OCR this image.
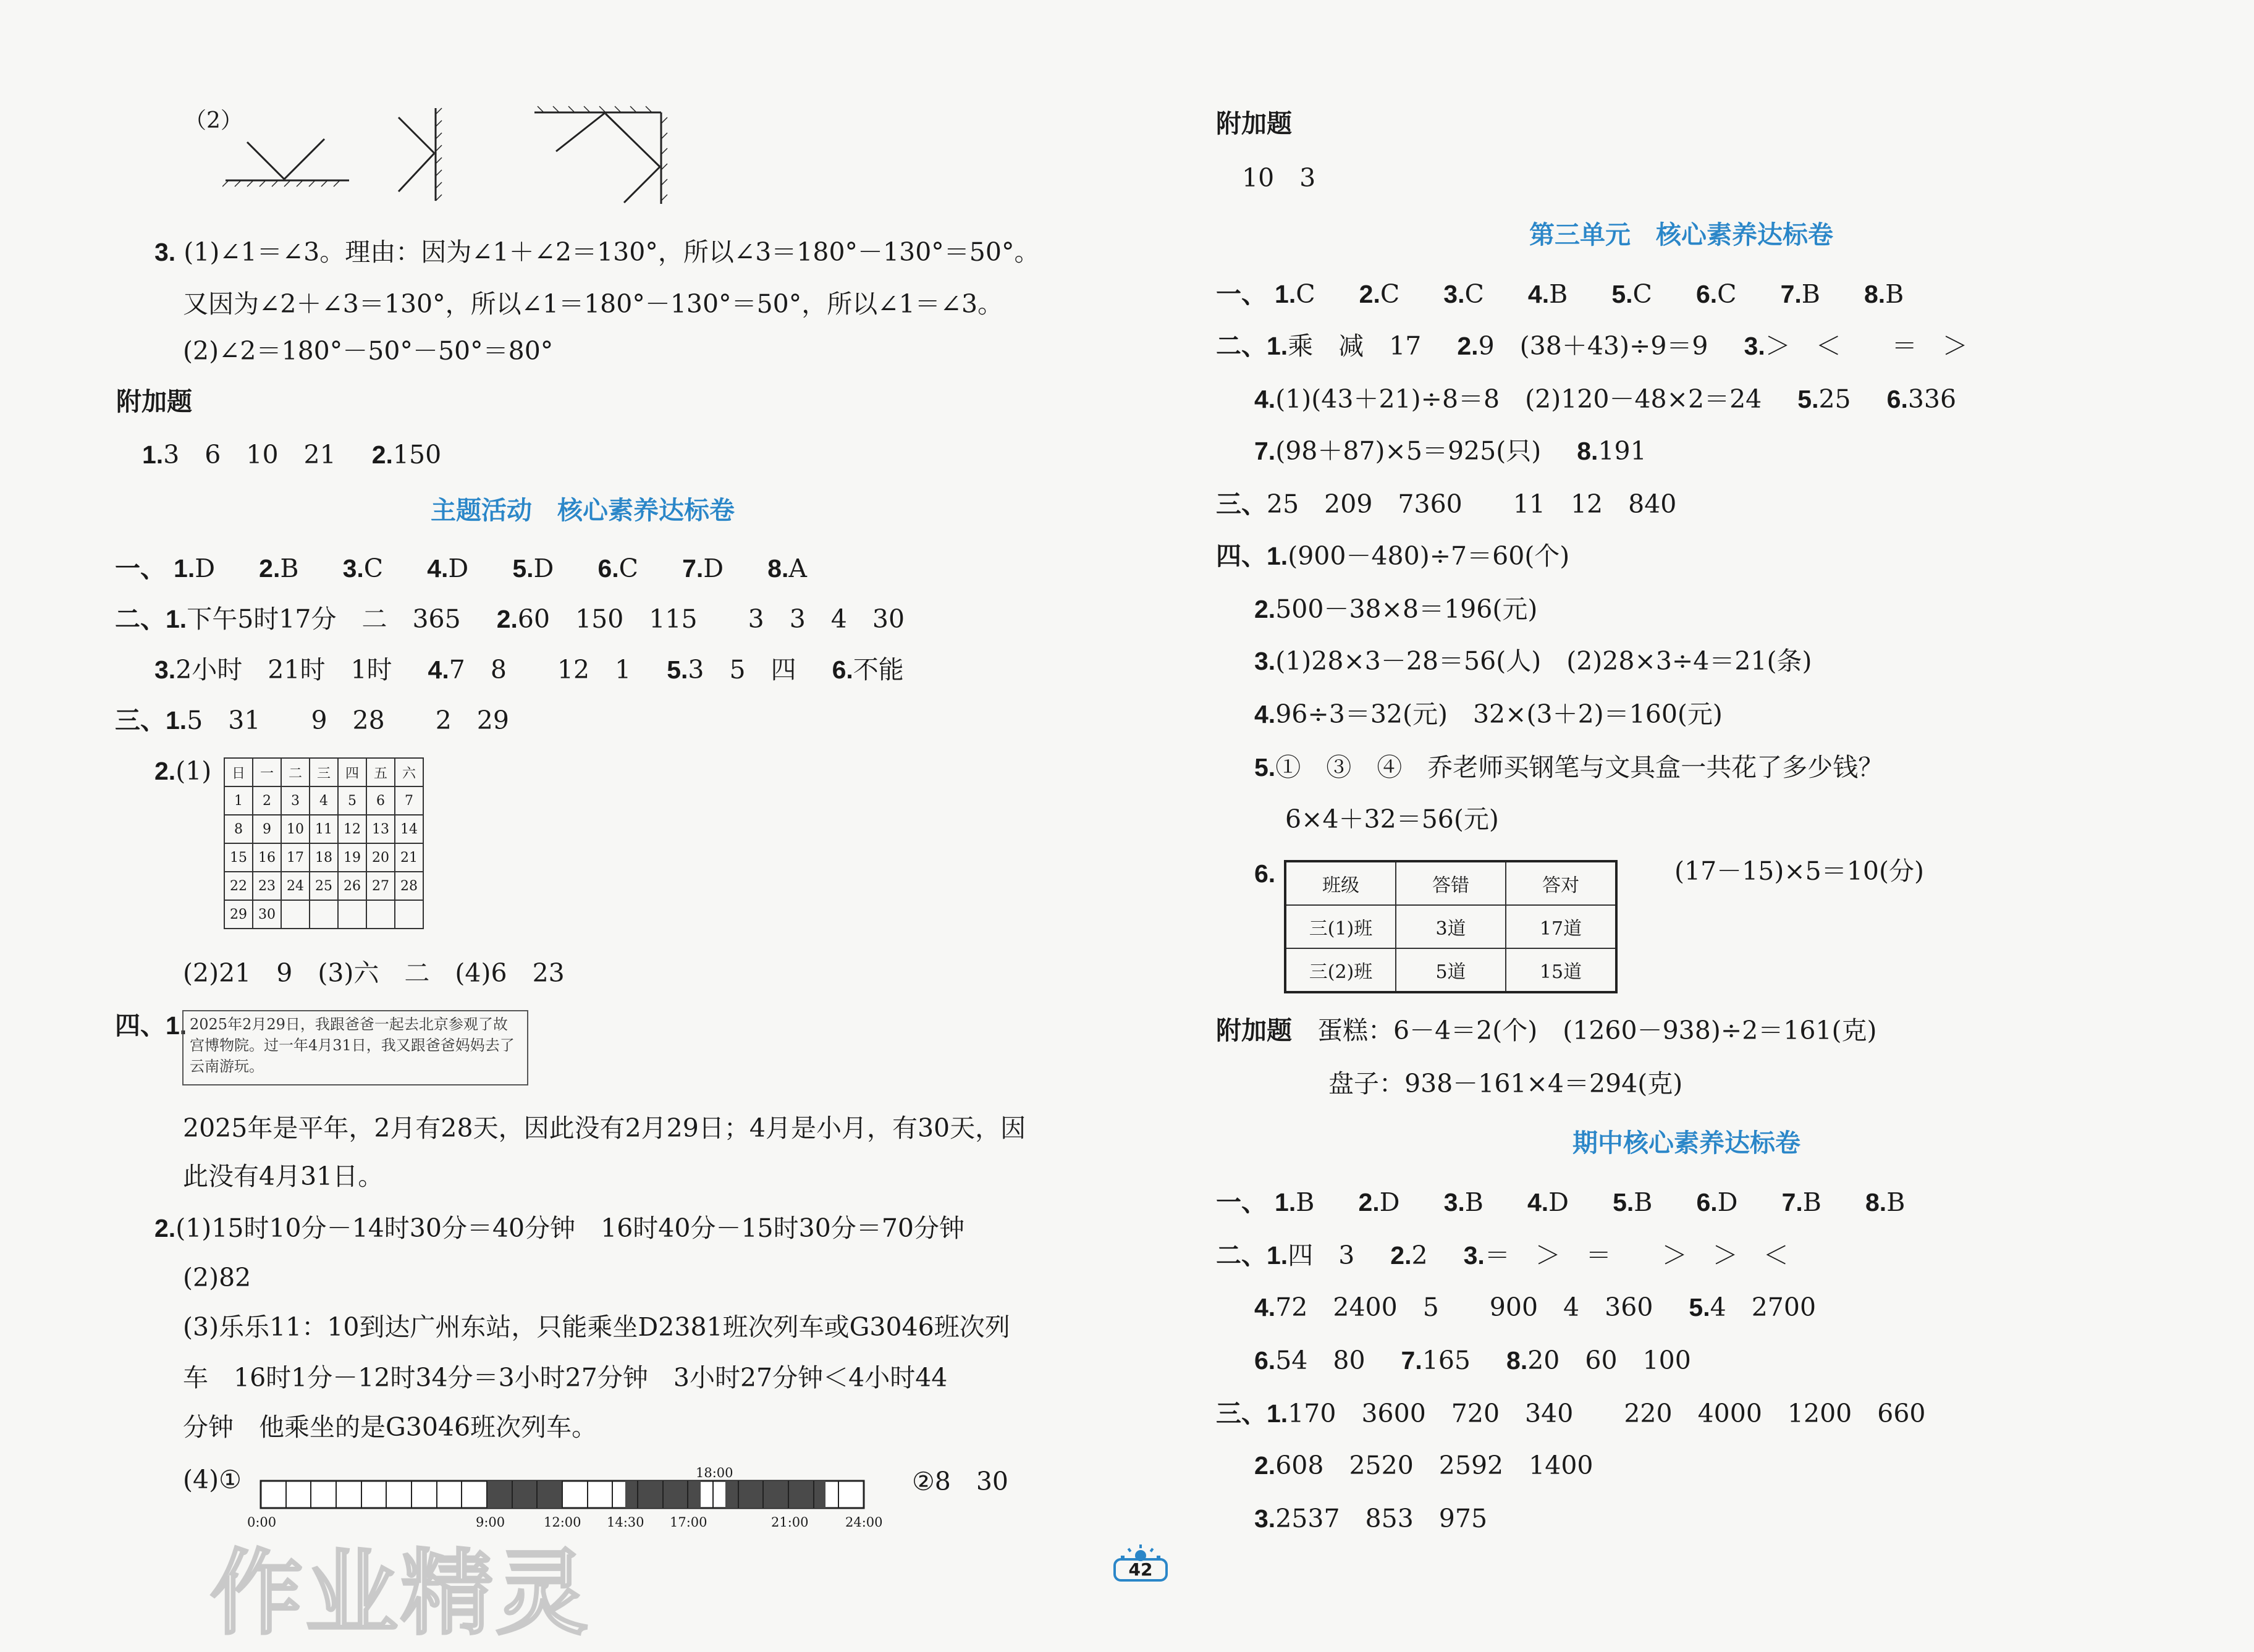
（2）
3. (1)∠1＝∠3。理由：因为∠1＋∠2＝130°，所以∠3＝180°－130°＝50°。
又因为∠2＋∠3＝130°，所以∠1＝180°－130°＝50°，所以∠1＝∠3。
(2)∠2＝180°－50°－50°＝80°
附加题
1.3　6　10　21 2.150
主题活动　 核心素养达标卷
一、 1.D 2.B 3.C 4.D 5.D 6.C 7.D 8.A
二、1.下午5时17分　二　365 2.60　150　115　　3　3　4　30
3.2小时　21时　1时 4.7　8　　12　1 5.3　5　四 6.不能
三、1.5　31　　9　28　　2　29
2.(1) 日	一	二	三	四	五	六
1	2	3	4	5	6	7
8	9	10	11	12	13	14
15	16	17	18	19	20	21
22	23	24	25	26	27	28
29	30					
(2)21　9　(3)六　二　(4)6　23
四、1. 2025年2月29日，我跟爸爸一起去北京参观了故宫博物院。过一年4月31日，我又跟爸爸妈妈去了云南游玩。
2025年是平年，2月有28天，因此没有2月29日；4月是小月，有30天，因
此没有4月31日。
2.(1)15时10分－14时30分＝40分钟　16时40分－15时30分＝70分钟
(2)82
(3)乐乐11：10到达广州东站，只能乘坐D2381班次列车或G3046班次列
车　16时1分－12时34分＝3小时27分钟　3小时27分钟＜4小时44
分钟　他乘坐的是G3046班次列车。
(4)①	18:00
0:00	9:00	12:00 14:30 17:00	21:00	24:00
②8　30
作业精灵	42
附加题
10　3
第三单元　 核心素养达标卷
一、 1.C 2.C 3.C 4.B 5.C 6.C 7.B 8.B
二、1.乘　减　17 2.9　(38＋43)÷9＝9 3.＞　＜　　＝　＞
4.(1)(43＋21)÷8＝8　(2)120－48×2＝24 5.25 6.336
7.(98＋87)×5＝925(只) 8.191
三、25　209　7360　　11　12　840
四、1.(900－480)÷7＝60(个)
2.500－38×8＝196(元)
3.(1)28×3－28＝56(人)　(2)28×3÷4＝21(条)
4.96÷3＝32(元)　32×(3＋2)＝160(元)
5.①　③　④　乔老师买钢笔与文具盒一共花了多少钱？
6×4＋32＝56(元)
6.	班级	答错	答对
三(1)班	3道	17道
三(2)班	5道	15道
(17－15)×5＝10(分)
附加题　 蛋糕：6－4＝2(个)　(1260－938)÷2＝161(克)
盘子：938－161×4＝294(克)
期中核心素养达标卷
一、 1.B 2.D 3.B 4.D 5.B 6.D 7.B 8.B
二、1.四　3 2.2 3.＝　＞　＝　　＞　＞　＜
4.72　2400　5　　900　4　360 5.4　2700
6.54　80 7.165 8.20　60　100
三、1.170　3600　720　340　　220　4000　1200　660
2.608　2520　2592　1400
3.2537　853　975
